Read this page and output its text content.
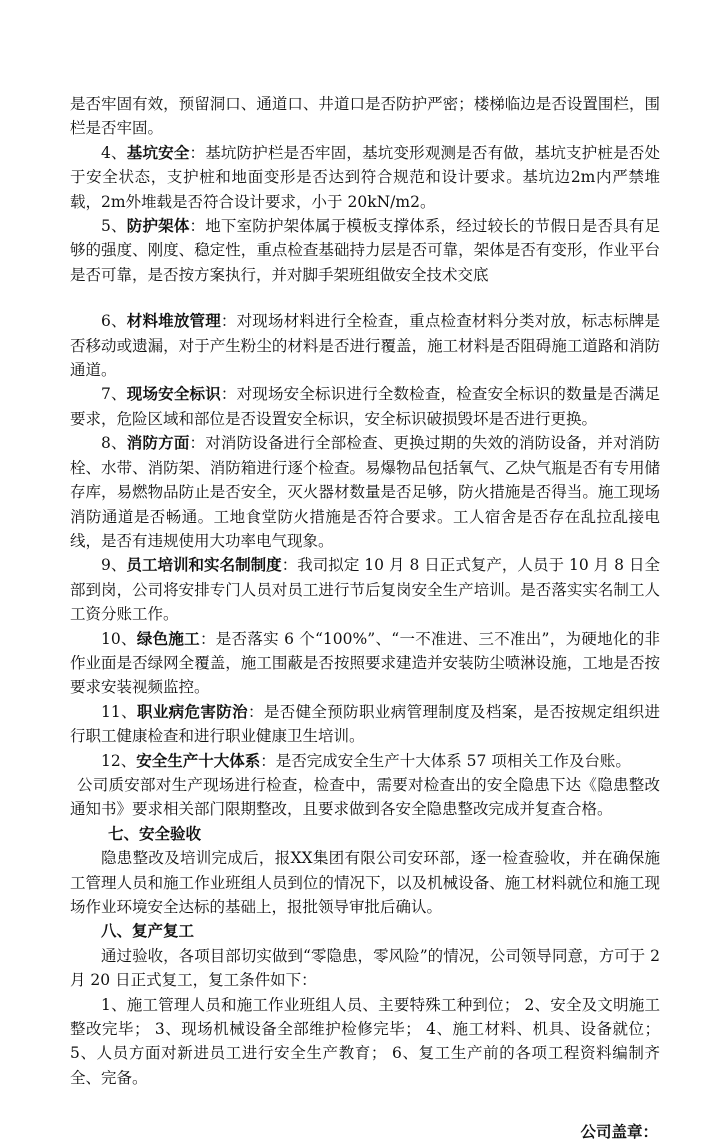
是否牢固有效，预留洞口、通道口、井道口是否防护严密；楼梯临边是否设置围栏，围栏是否牢固。

4、基坑安全：基坑防护栏是否牢固，基坑变形观测是否有做，基坑支护桩是否处于安全状态，支护桩和地面变形是否达到符合规范和设计要求。基坑边2m内严禁堆载，2m外堆载是否符合设计要求，小于 20kN/m2。

5、防护架体：地下室防护架体属于模板支撑体系，经过较长的节假日是否具有足够的强度、刚度、稳定性，重点检查基础持力层是否可靠，架体是否有变形，作业平台是否可靠，是否按方案执行，并对脚手架班组做安全技术交底

6、材料堆放管理：对现场材料进行全检查，重点检查材料分类对放，标志标牌是否移动或遗漏，对于产生粉尘的材料是否进行覆盖，施工材料是否阻碍施工道路和消防通道。

7、现场安全标识：对现场安全标识进行全数检查，检查安全标识的数量是否满足要求，危险区域和部位是否设置安全标识，安全标识破损毁坏是否进行更换。

8、消防方面：对消防设备进行全部检查、更换过期的失效的消防设备，并对消防栓、水带、消防架、消防箱进行逐个检查。易爆物品包括氧气、乙炔气瓶是否有专用储存库，易燃物品防止是否安全，灭火器材数量是否足够，防火措施是否得当。施工现场消防通道是否畅通。工地食堂防火措施是否符合要求。工人宿舍是否存在乱拉乱接电线，是否有违规使用大功率电气现象。

9、员工培训和实名制制度：我司拟定 10 月 8 日正式复产，人员于 10 月 8 日全部到岗，公司将安排专门人员对员工进行节后复岗安全生产培训。是否落实实名制工人工资分账工作。

10、绿色施工：是否落实 6 个“100%”、“一不准进、三不准出”，为硬地化的非作业面是否绿网全覆盖，施工围蔽是否按照要求建造并安装防尘喷淋设施，工地是否按要求安装视频监控。

11、职业病危害防治：是否健全预防职业病管理制度及档案，是否按规定组织进行职工健康检查和进行职业健康卫生培训。

12、安全生产十大体系：是否完成安全生产十大体系 57 项相关工作及台账。

公司质安部对生产现场进行检查，检查中，需要对检查出的安全隐患下达《隐患整改通知书》要求相关部门限期整改，且要求做到各安全隐患整改完成并复查合格。

七、安全验收

隐患整改及培训完成后，报XX集团有限公司安环部，逐一检查验收，并在确保施工管理人员和施工作业班组人员到位的情况下，以及机械设备、施工材料就位和施工现场作业环境安全达标的基础上，报批领导审批后确认。

八、复产复工

通过验收，各项目部切实做到“零隐患，零风险”的情况，公司领导同意，方可于 2 月 20 日正式复工，复工条件如下：

1、施工管理人员和施工作业班组人员、主要特殊工种到位； 2、安全及文明施工整改完毕； 3、现场机械设备全部维护检修完毕； 4、施工材料、机具、设备就位； 5、人员方面对新进员工进行安全生产教育； 6、复工生产前的各项工程资料编制齐全、完备。

公司盖章：
